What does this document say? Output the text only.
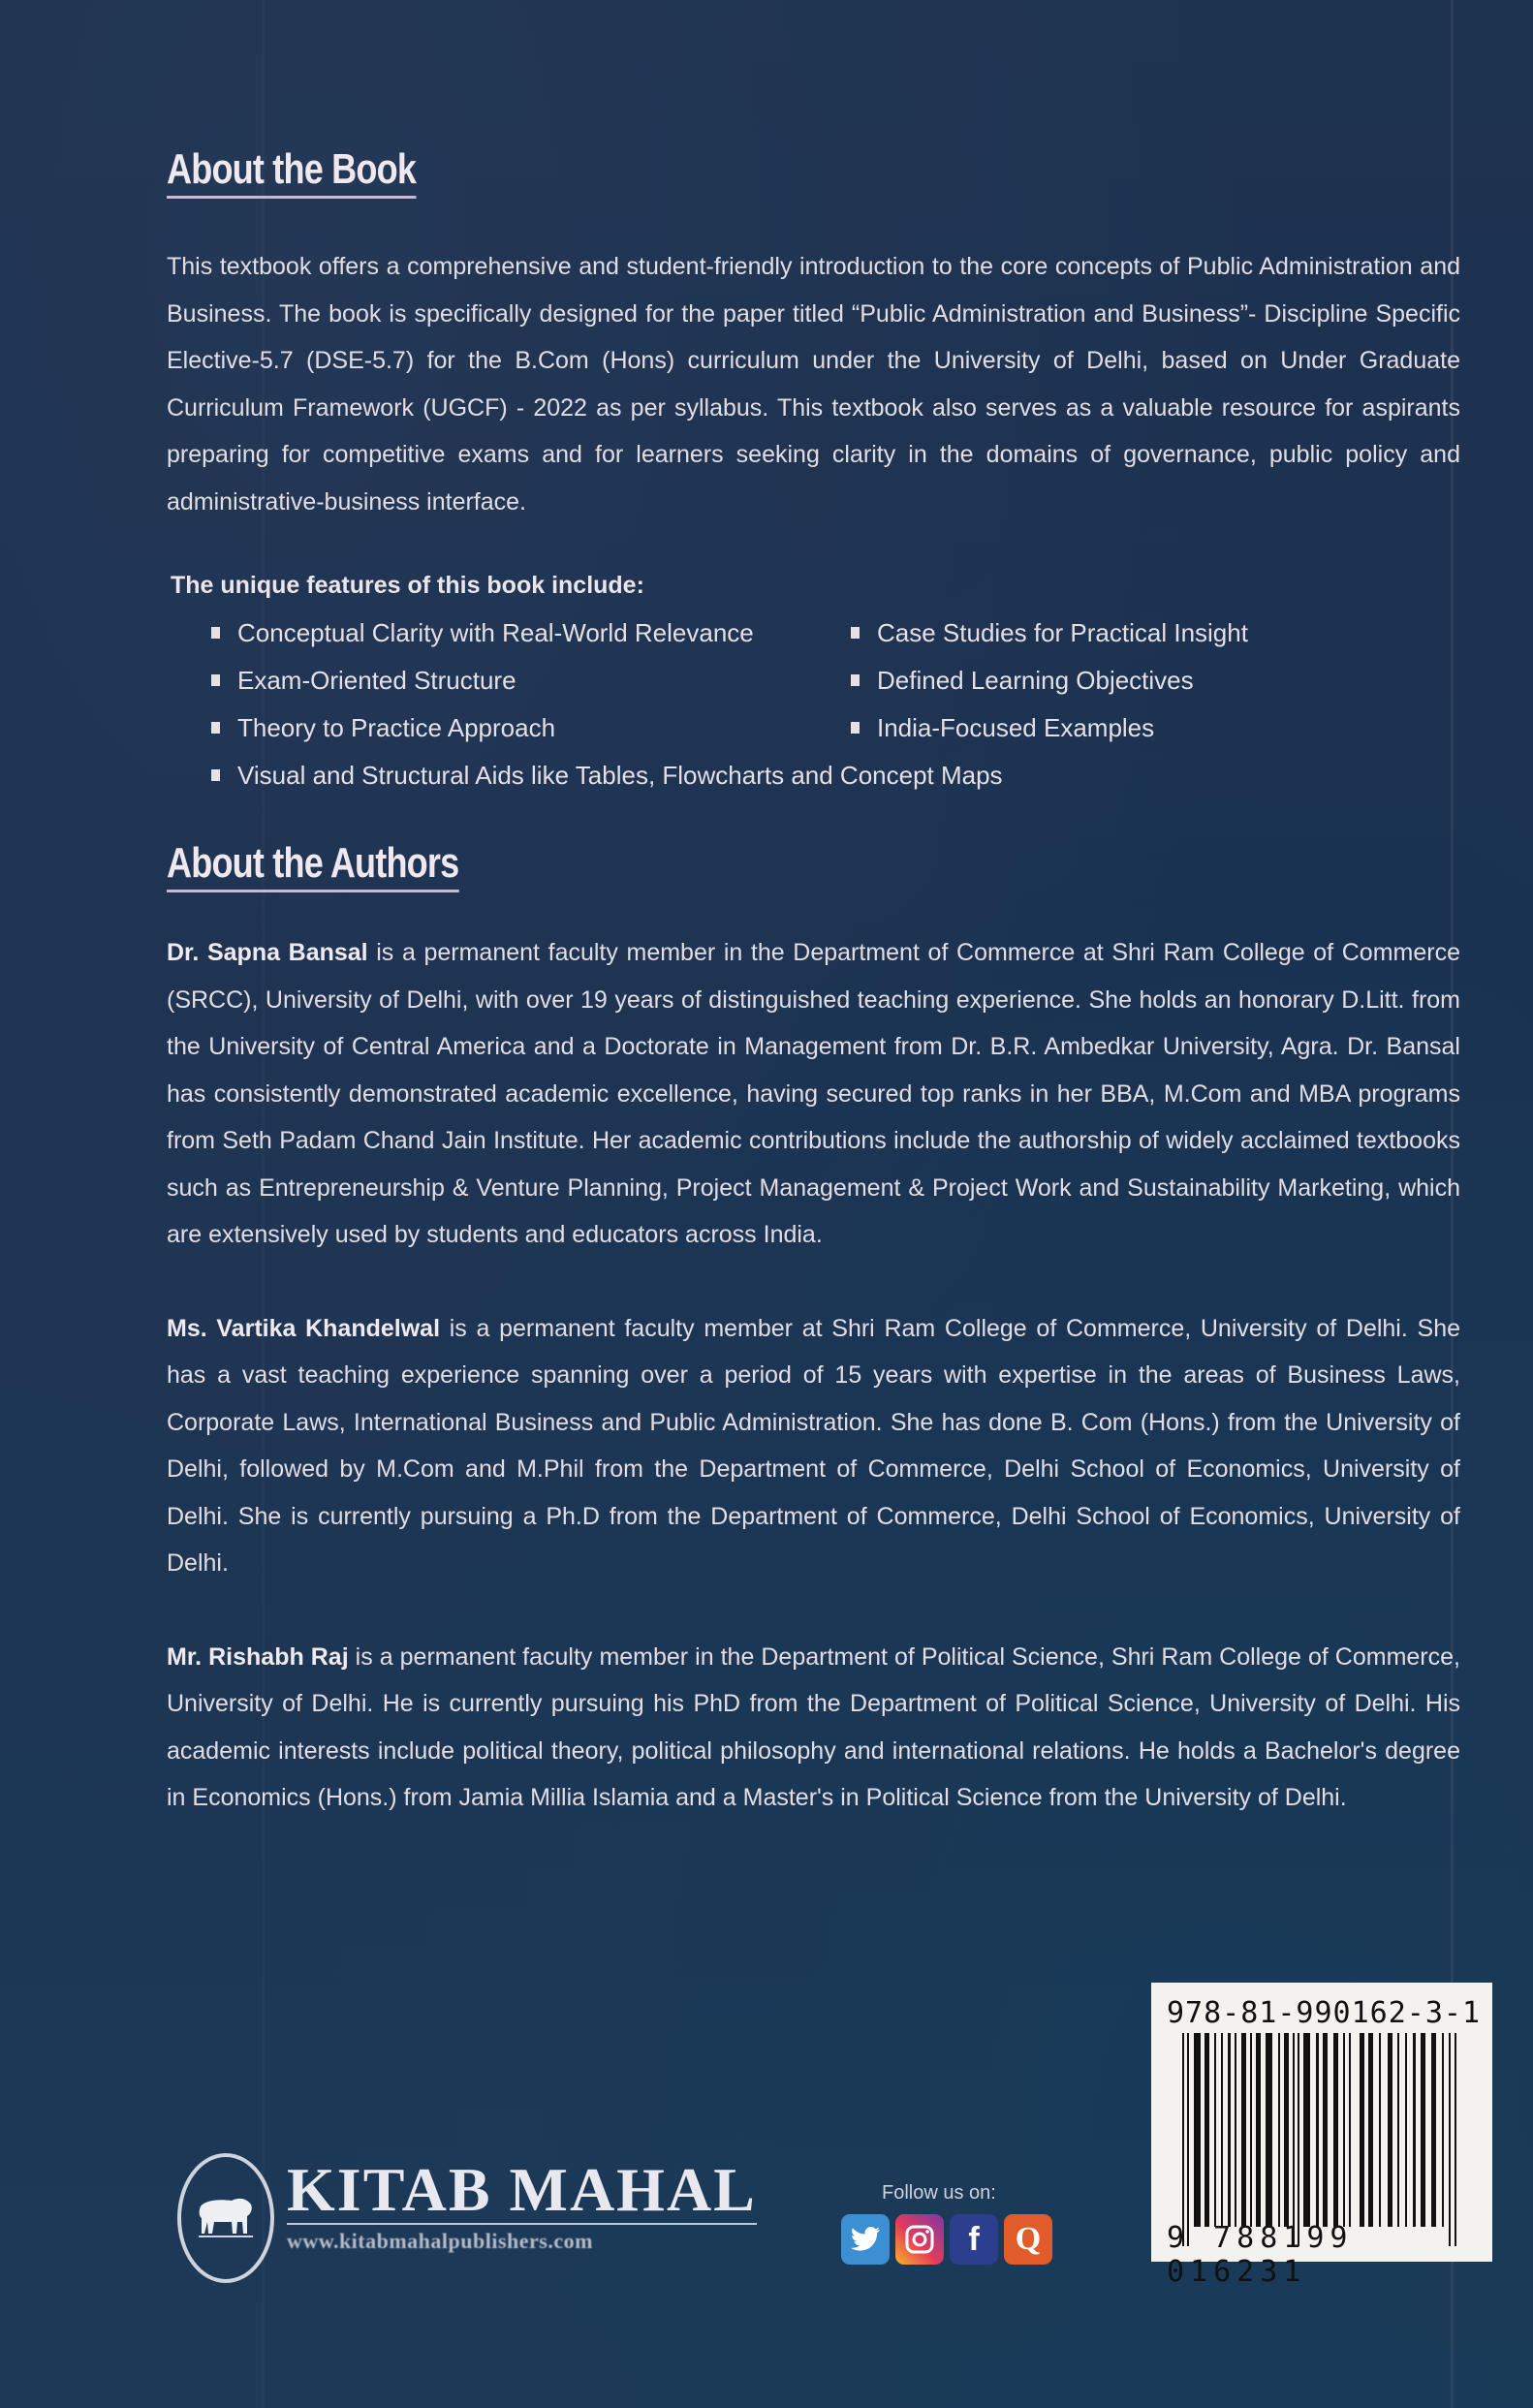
About the Book

This textbook offers a comprehensive and student-friendly introduction to the core concepts of Public Administration and Business. The book is specifically designed for the paper titled “Public Administration and Business”- Discipline Specific Elective-5.7 (DSE-5.7) for the B.Com (Hons) curriculum under the University of Delhi, based on Under Graduate Curriculum Framework (UGCF) - 2022 as per syllabus. This textbook also serves as a valuable resource for aspirants preparing for competitive exams and for learners seeking clarity in the domains of governance, public policy and administrative-business interface.

The unique features of this book include:
Conceptual Clarity with Real-World Relevance	Case Studies for Practical Insight
Exam-Oriented Structure	Defined Learning Objectives
Theory to Practice Approach	India-Focused Examples
Visual and Structural Aids like Tables, Flowcharts and Concept Maps
About the Authors

Dr. Sapna Bansal is a permanent faculty member in the Department of Commerce at Shri Ram College of Commerce (SRCC), University of Delhi, with over 19 years of distinguished teaching experience. She holds an honorary D.Litt. from the University of Central America and a Doctorate in Management from Dr. B.R. Ambedkar University, Agra. Dr. Bansal has consistently demonstrated academic excellence, having secured top ranks in her BBA, M.Com and MBA programs from Seth Padam Chand Jain Institute. Her academic contributions include the authorship of widely acclaimed textbooks such as Entrepreneurship & Venture Planning, Project Management & Project Work and Sustainability Marketing, which are extensively used by students and educators across India.

Ms. Vartika Khandelwal is a permanent faculty member at Shri Ram College of Commerce, University of Delhi. She has a vast teaching experience spanning over a period of 15 years with expertise in the areas of Business Laws, Corporate Laws, International Business and Public Administration. She has done B. Com (Hons.) from the University of Delhi, followed by M.Com and M.Phil from the Department of Commerce, Delhi School of Economics, University of Delhi. She is currently pursuing a Ph.D from the Department of Commerce, Delhi School of Economics, University of Delhi.

Mr. Rishabh Raj is a permanent faculty member in the Department of Political Science, Shri Ram College of Commerce, University of Delhi. He is currently pursuing his PhD from the Department of Political Science, University of Delhi. His academic interests include political theory, political philosophy and international relations. He holds a Bachelor's degree in Economics (Hons.) from Jamia Millia Islamia and a Master's in Political Science from the University of Delhi.

KITAB MAHAL
www.kitabmahalpublishers.com
Follow us on:
f Q
978-81-990162-3-1
9 788199 016231
